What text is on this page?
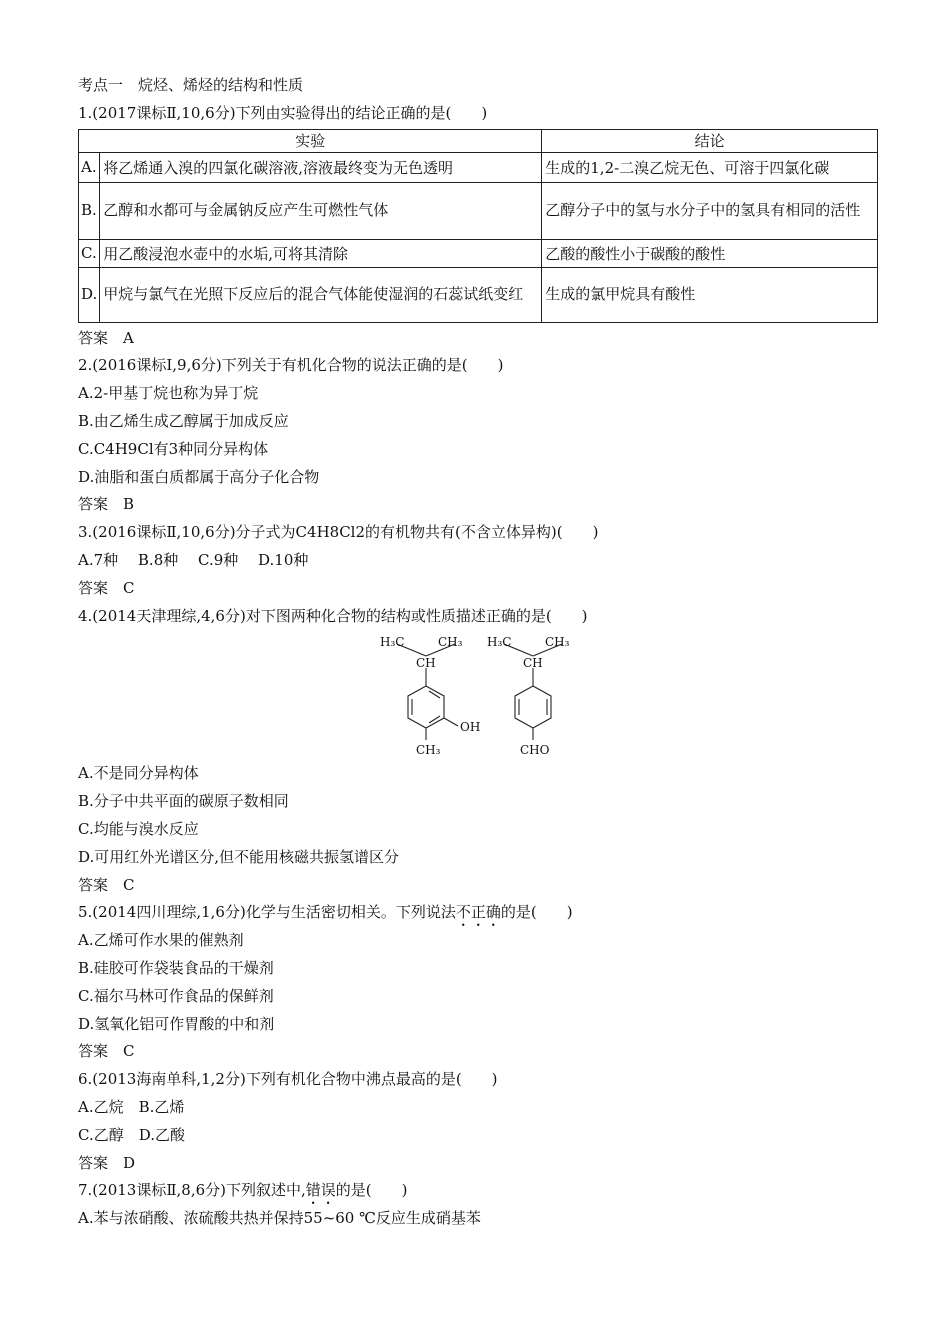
考点一　烷烃、烯烃的结构和性质
1.(2017课标Ⅱ,10,6分)下列由实验得出的结论正确的是(　　)
实验		结论
A.	将乙烯通入溴的四氯化碳溶液,溶液最终变为无色透明	生成的1,2-二溴乙烷无色、可溶于四氯化碳
B.	乙醇和水都可与金属钠反应产生可燃性气体	乙醇分子中的氢与水分子中的氢具有相同的活性
C.	用乙酸浸泡水壶中的水垢,可将其清除	乙酸的酸性小于碳酸的酸性
D.	甲烷与氯气在光照下反应后的混合气体能使湿润的石蕊试纸变红	生成的氯甲烷具有酸性
答案　A
2.(2016课标Ⅰ,9,6分)下列关于有机化合物的说法正确的是(　　)
A.2-甲基丁烷也称为异丁烷
B.由乙烯生成乙醇属于加成反应
C.C4H9Cl有3种同分异构体
D.油脂和蛋白质都属于高分子化合物
答案　B
3.(2016课标Ⅱ,10,6分)分子式为C4H8Cl2的有机物共有(不含立体异构)(　　)
A.7种　 B.8种　 C.9种　 D.10种
答案　C
4.(2014天津理综,4,6分)对下图两种化合物的结构或性质描述正确的是(　　)
H₃C	CH₃
CH
OH
CH₃
H₃C	CH₃
CH
CHO
A.不是同分异构体
B.分子中共平面的碳原子数相同
C.均能与溴水反应
D.可用红外光谱区分,但不能用核磁共振氢谱区分
答案　C
5.(2014四川理综,1,6分)化学与生活密切相关。下列说法不正确的是(　　)
A.乙烯可作水果的催熟剂
B.硅胶可作袋装食品的干燥剂
C.福尔马林可作食品的保鲜剂
D.氢氧化铝可作胃酸的中和剂
答案　C
6.(2013海南单科,1,2分)下列有机化合物中沸点最高的是(　　)
A.乙烷　B.乙烯
C.乙醇　D.乙酸
答案　D
7.(2013课标Ⅱ,8,6分)下列叙述中,错误的是(　　)
A.苯与浓硝酸、浓硫酸共热并保持55~60 ℃反应生成硝基苯
